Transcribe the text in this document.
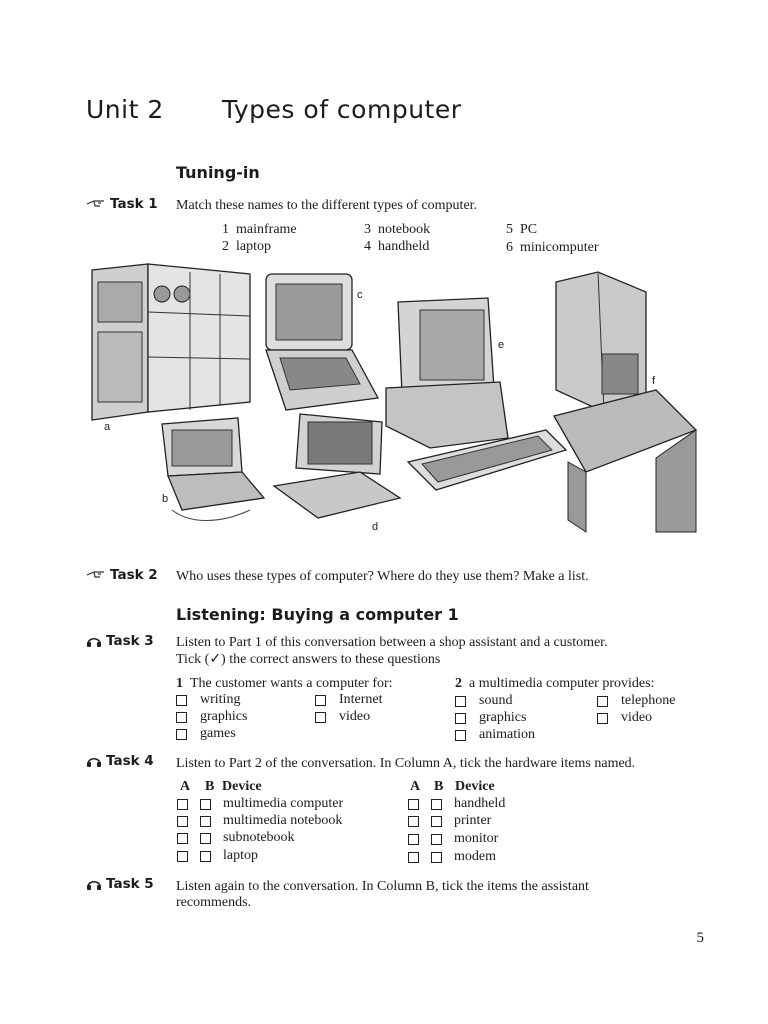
Unit 2 Types of computer
Tuning-in
Task 1 Match these names to the different types of computer.
1 mainframe
2 laptop
3 notebook
4 handheld
5 PC
6 minicomputer
a
b
c
d
e
f
Task 2 Who uses these types of computer? Where do they use them? Make a list.
Listening: Buying a computer 1
Task 3 Listen to Part 1 of this conversation between a shop assistant and a customer.
Tick (✓) the correct answers to these questions
1 The customer wants a computer for:	2 a multimedia computer provides:
writing	Internet
graphics	video
games
sound	telephone
graphics	video
animation
Task 4 Listen to Part 2 of the conversation. In Column A, tick the hardware items named.
A B Device
multimedia computer
multimedia notebook
subnotebook
laptop
A B Device
handheld
printer
monitor
modem
Task 5 Listen again to the conversation. In Column B, tick the items the assistant
recommends.
5
